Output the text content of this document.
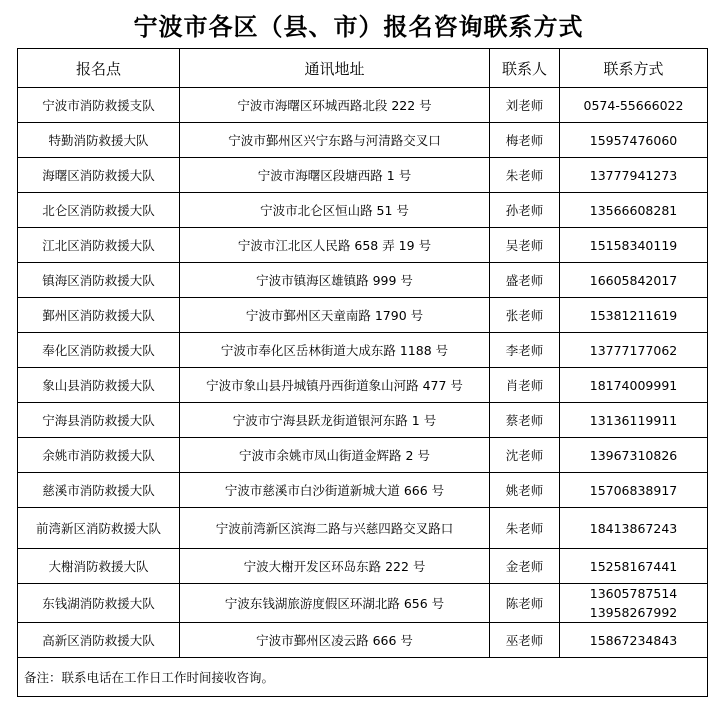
宁波市各区（县、市）报名咨询联系方式
报名点	通讯地址	联系人	联系方式
宁波市消防救援支队	宁波市海曙区环城西路北段 222 号	刘老师	0574-55666022

特勤消防救援大队	宁波市鄞州区兴宁东路与河清路交叉口	梅老师	15957476060

海曙区消防救援大队	宁波市海曙区段塘西路 1 号	朱老师	13777941273

北仑区消防救援大队	宁波市北仑区恒山路 51 号	孙老师	13566608281

江北区消防救援大队	宁波市江北区人民路 658 弄 19 号	吴老师	15158340119

镇海区消防救援大队	宁波市镇海区雄镇路 999 号	盛老师	16605842017

鄞州区消防救援大队	宁波市鄞州区天童南路 1790 号	张老师	15381211619

奉化区消防救援大队	宁波市奉化区岳林街道大成东路 1188 号	李老师	13777177062

象山县消防救援大队	宁波市象山县丹城镇丹西街道象山河路 477 号	肖老师	18174009991

宁海县消防救援大队	宁波市宁海县跃龙街道银河东路 1 号	蔡老师	13136119911

余姚市消防救援大队	宁波市余姚市凤山街道金辉路 2 号	沈老师	13967310826

慈溪市消防救援大队	宁波市慈溪市白沙街道新城大道 666 号	姚老师	15706838917

前湾新区消防救援大队	宁波前湾新区滨海二路与兴慈四路交叉路口	朱老师	18413867243

大榭消防救援大队	宁波大榭开发区环岛东路 222 号	金老师	15258167441

东钱湖消防救援大队	宁波东钱湖旅游度假区环湖北路 656 号	陈老师	13605787514
13958267992

高新区消防救援大队	宁波市鄞州区凌云路 666 号	巫老师	15867234843

备注：联系电话在工作日工作时间接收咨询。			
